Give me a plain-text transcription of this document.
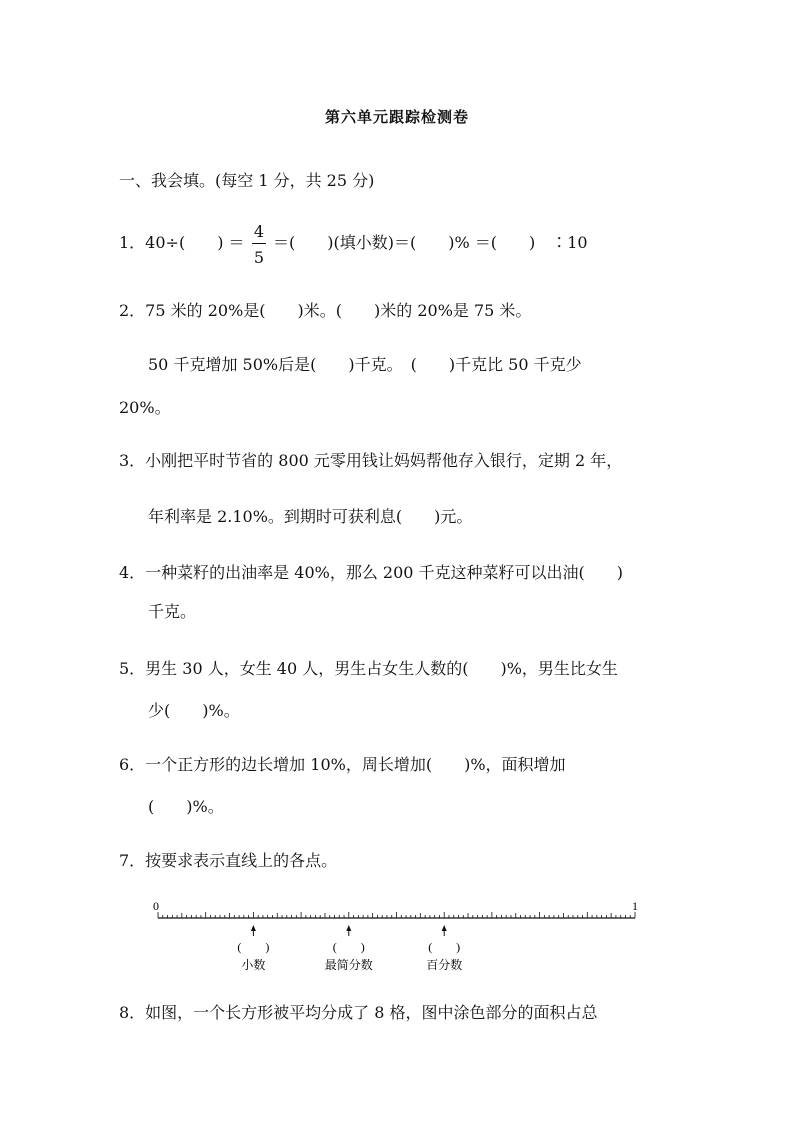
第六单元跟踪检测卷
一、我会填。(每空 1 分，共 25 分)
1．40÷(　　) ＝
4
5
＝(　　)(填小数)＝(　　)% ＝(　　)　∶10
2．75 米的 20%是(　　)米。(　　)米的 20%是 75 米。
50 千克增加 50%后是(　　)千克。　(　　)千克比 50 千克少
20%。
3．小刚把平时节省的 800 元零用钱让妈妈帮他存入银行，定期 2 年，
年利率是 2.10%。到期时可获利息(　　)元。
4．一种菜籽的出油率是 40%，那么 200 千克这种菜籽可以出油(　　)
千克。
5．男生 30 人，女生 40 人，男生占女生人数的(　　)%，男生比女生
少(　　)%。
6．一个正方形的边长增加 10%，周长增加(　　)%，面积增加
(　　)%。
7．按要求表示直线上的各点。
0	1
(　　)
小数
(　　)
最简分数
(　　)
百分数
8．如图，一个长方形被平均分成了 8 格，图中涂色部分的面积占总
